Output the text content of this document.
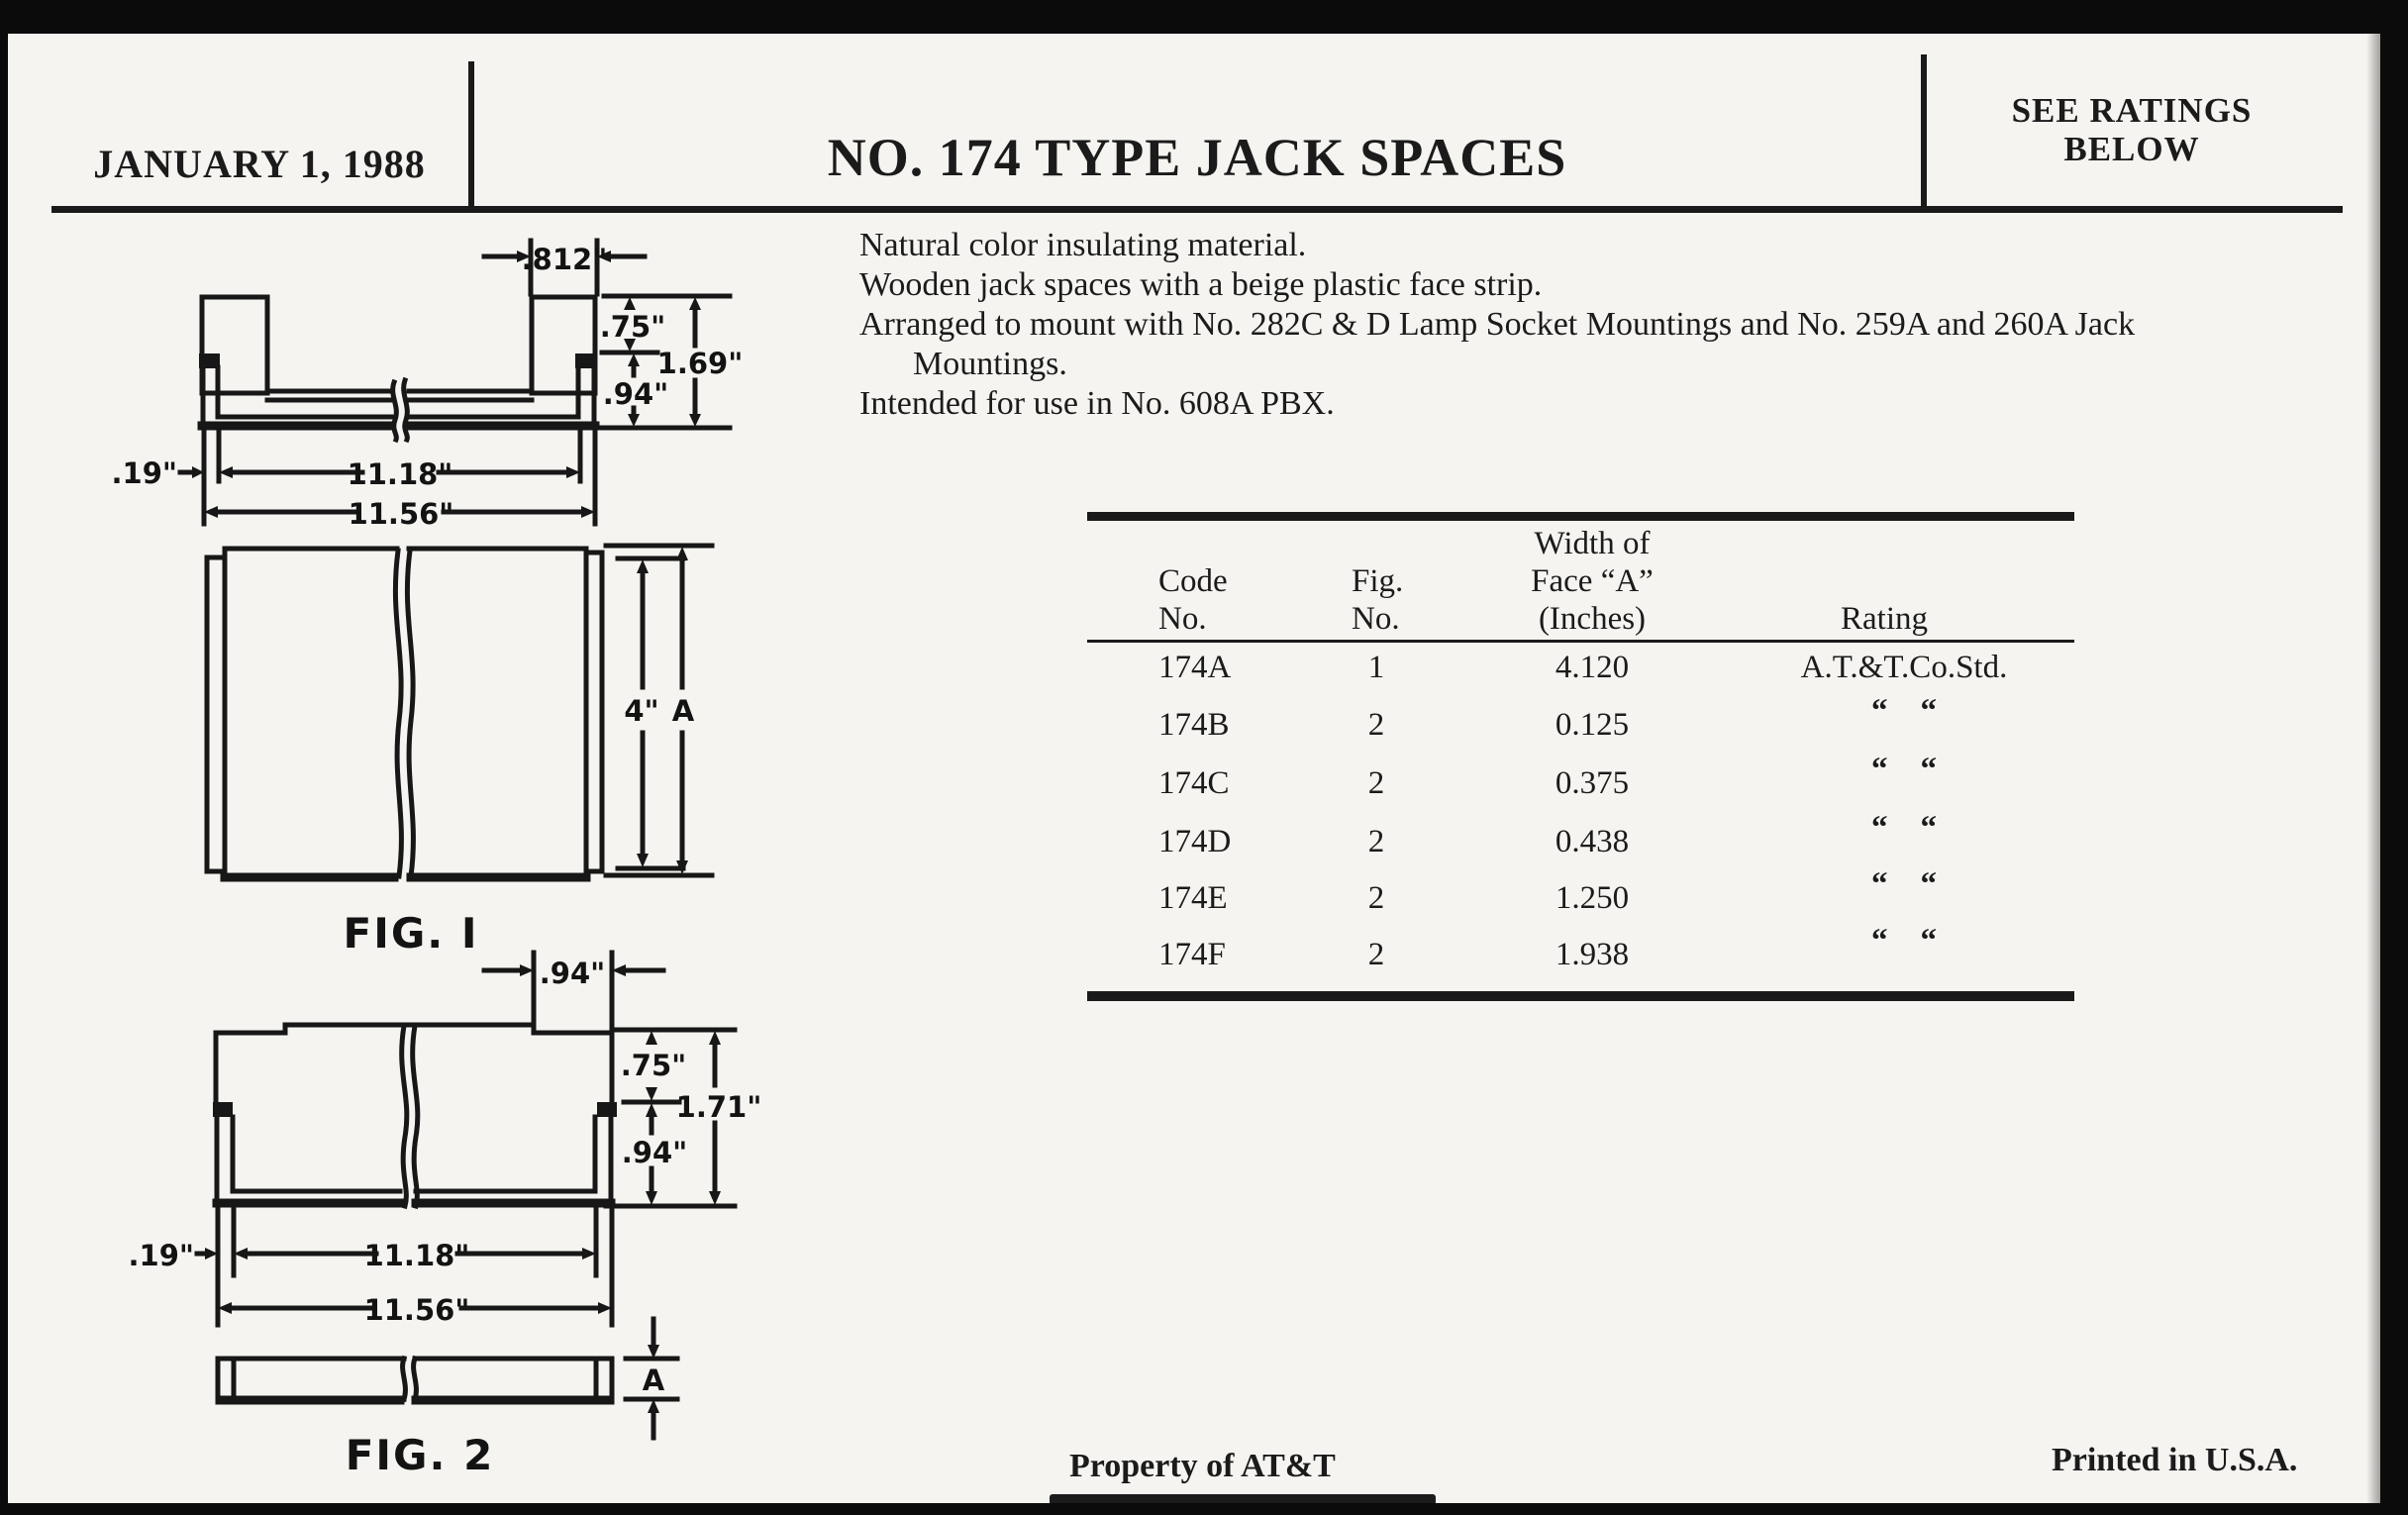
JANUARY 1, 1988	NO. 174 TYPE JACK SPACES
SEE RATINGS
BELOW
Natural color insulating material.
Wooden jack spaces with a beige plastic face strip.
Arranged to mount with No. 282C & D Lamp Socket Mountings and No. 259A and 260A Jack
Mountings.
Intended for use in No. 608A PBX.
Code
No.
Fig.
No.
Width of
Face “A”
(Inches)	Rating
174A	1	4.120	A.T.&T.Co.Std.
174B	2	0.125	“    “
174C	2	0.375	“    “
174D	2	0.438	“    “
174E	2	1.250	“    “
174F	2	1.938	“    “
.812"
.75"
.94"
1.69"
.19"	11.18"
11.56"
4" A
FIG. I
.94"
.75"
.94"
1.71"
.19"	11.18"
11.56"
A
FIG. 2	Property of AT&T	Printed in U.S.A.
